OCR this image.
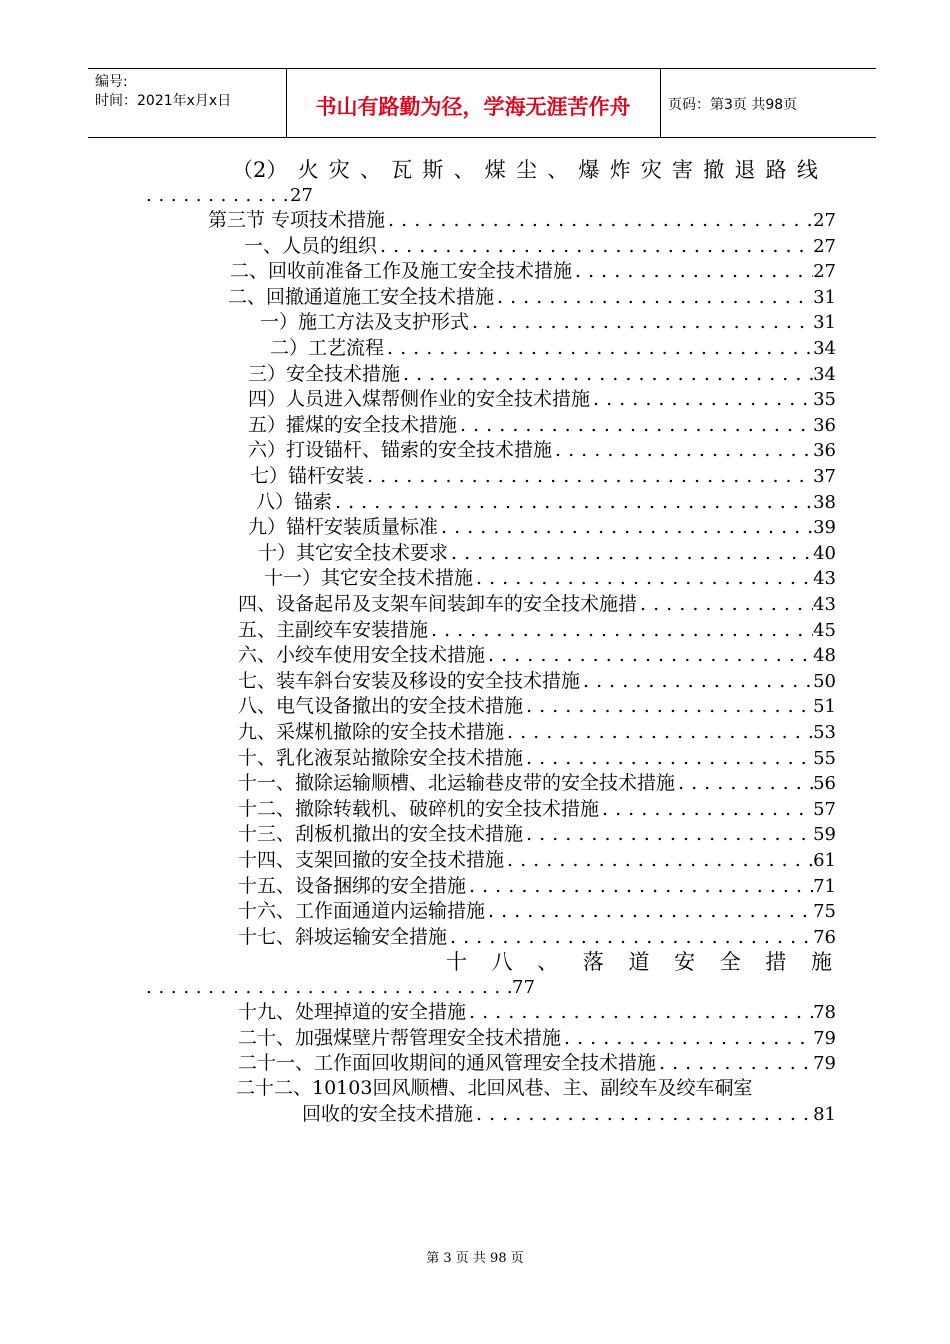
编号:
时间：2021年x月x日	书山有路勤为径，学海无涯苦作舟	页码：第3页 共98页
（2） 火 灾 、 瓦 斯 、 煤 尘 、 爆 炸 灾 害 撤 退 路 线
. . .
27
第三节 专项技术措施 . . .	27
一、人员的组织 . . .	27
二、回收前准备工作及施工安全技术措施 . . .	27
二、回撤通道施工安全技术措施 . . .	31
一）施工方法及支护形式 . . .	31
二）工艺流程 . . .	34
三）安全技术措施 . . .	34
四）人员进入煤帮侧作业的安全技术措施 . . .	35
五）攉煤的安全技术措施 . . .	36
六）打设锚杆、锚索的安全技术措施 . . .	36
七）锚杆安装 . . .	37
八）锚索 . . .	38
九）锚杆安装质量标准 . . .	39
十）其它安全技术要求 . . .	40
十一）其它安全技术措施 . . .	43
四、设备起吊及支架车间装卸车的安全技术施措 . . .	43
五、主副绞车安装措施 . . .	45
六、小绞车使用安全技术措施 . . .	48
七、装车斜台安装及移设的安全技术措施 . . .	50
八、电气设备撤出的安全技术措施 . . .	51
九、采煤机撤除的安全技术措施 . . .	53
十、乳化液泵站撤除安全技术措施 . . .	55
十一、撤除运输顺槽、北运输巷皮带的安全技术措施 . . .	56
十二、撤除转载机、破碎机的安全技术措施 . . .	57
十三、刮板机撤出的安全技术措施 . . .	59
十四、支架回撤的安全技术措施 . . .	61
十五、设备捆绑的安全措施 . . .	71
十六、工作面通道内运输措施 . . .	75
十七、斜坡运输安全措施 . . .	76
十 八 、 落 道 安 全 措 施
. . .
77
十九、处理掉道的安全措施 . . .	78
二十、加强煤壁片帮管理安全技术措施 . . .	79
二十一、工作面回收期间的通风管理安全技术措施 . . .	79
二十二、10103回风顺槽、北回风巷、主、副绞车及绞车硐室
回收的安全技术措施 . . .	81
第 3 页 共 98 页
